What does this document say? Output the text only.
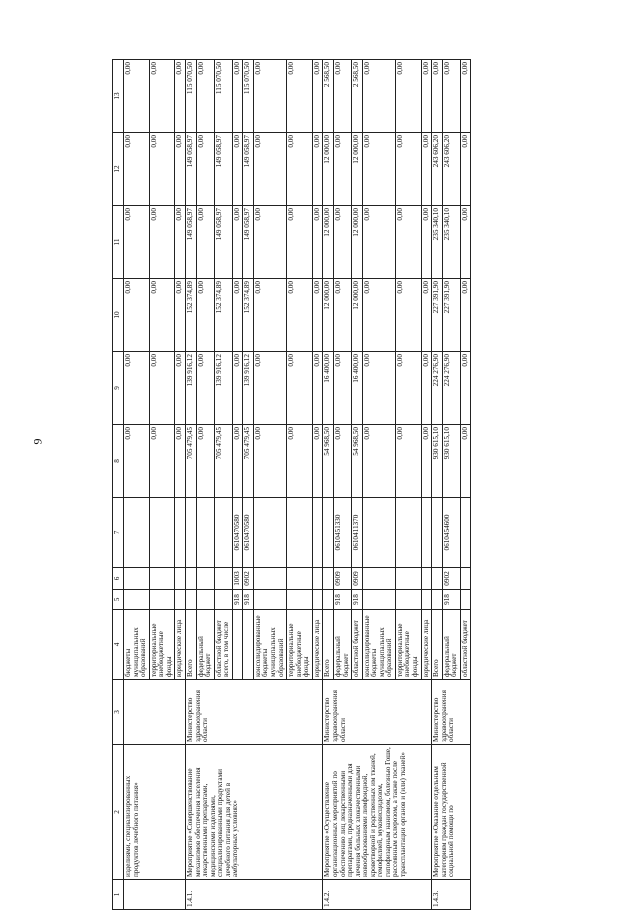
9
1	2	3	4	5	6	7	8	9	10	11	12	13
	изделиями, специализированных продуктов лечебного питания»		бюджеты муниципальных образований				0,00	0,00	0,00	0,00	0,00	0,00
			территориальные внебюджетные фонды				0,00	0,00	0,00	0,00	0,00	0,00
			юридические лица				0,00	0,00	0,00	0,00	0,00	0,00
1.4.1.	Мероприятие «Совершенствование механизмов обеспечения населения лекарственными препаратами, медицинскими изделиями, специализированными продуктами лечебного питания для детей в амбулаторных условиях»	Министерство здравоохранения области	Всего				705 479,45	139 916,12	152 374,89	149 058,97	149 058,97	115 070,50
			федеральный бюджет				0,00	0,00	0,00	0,00	0,00	0,00
			областной бюджет всего, в том числе				705 479,45	139 916,12	152 374,89	149 058,97	149 058,97	115 070,50
				918	1003	0610470580	0,00	0,00	0,00	0,00	0,00	0,00
				918	0902	0610470580	705 479,45	139 916,12	152 374,89	149 058,97	149 058,97	115 070,50
			консолидированные бюджеты муниципальных образований				0,00	0,00	0,00	0,00	0,00	0,00
			территориальные внебюджетные фонды				0,00	0,00	0,00	0,00	0,00	0,00
			юридические лица				0,00	0,00	0,00	0,00	0,00	0,00
1.4.2.	Мероприятие «Осуществление организационных мероприятий по обеспечению лиц лекарственными препаратами, предназначенными для лечения больных злокачественными новообразованиями лимфоидной, кроветворной и родственных им тканей, гемофилией, муковисцидозом, гипофизарным нанизмом, болезнью Гоше, рассеянным склерозом, а также после трансплантации органов и (или) тканей»	Министерство здравоохранения области	Всего				54 968,50	16 400,00	12 000,00	12 000,00	12 000,00	2 568,50
			федеральный бюджет	918	0909	0610451330	0,00	0,00	0,00	0,00	0,00	0,00
			областной бюджет	918	0909	0610411370	54 968,50	16 400,00	12 000,00	12 000,00	12 000,00	2 568,50
			консолидированные бюджеты муниципальных образований				0,00	0,00	0,00	0,00	0,00	0,00
			территориальные внебюджетные фонды				0,00	0,00	0,00	0,00	0,00	0,00
			юридические лица				0,00	0,00	0,00	0,00	0,00	0,00
1.4.3.	Мероприятие «Оказание отдельным категориям граждан государственной социальной помощи по	Министерство здравоохранения области	Всего				930 615,10	224 276,90	227 391,90	235 340,10	243 606,20	0,00
			федеральный бюджет	918	0902	0610454600	930 615,10	224 276,90	227 391,90	235 340,10	243 606,20	0,00
			областной бюджет				0,00	0,00	0,00	0,00	0,00	0,00
